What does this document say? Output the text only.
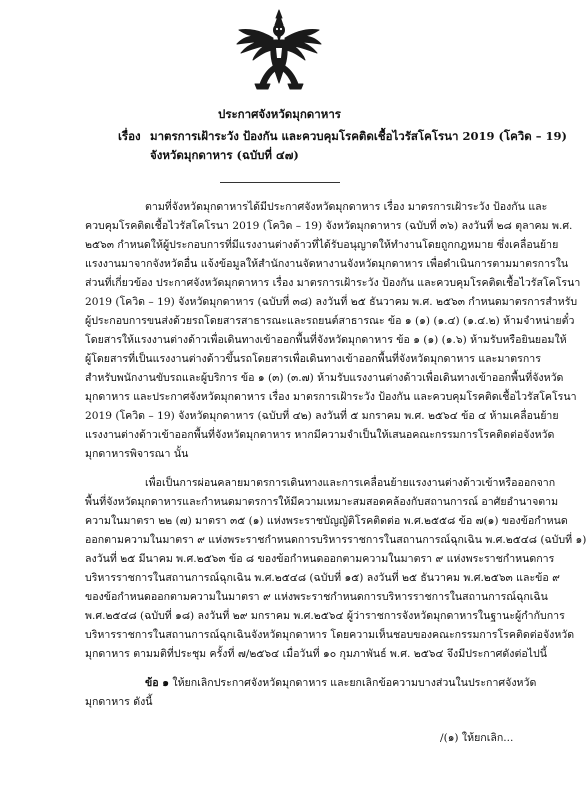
ประกาศจังหวัดมุกดาหาร
เรื่อง มาตรการเฝ้าระวัง ป้องกัน และควบคุมโรคติดเชื้อไวรัสโคโรนา 2019 (โควิด – 19)
จังหวัดมุกดาหาร (ฉบับที่ ๔๗)
ตามที่จังหวัดมุกดาหารได้มีประกาศจังหวัดมุกดาหาร เรื่อง มาตรการเฝ้าระวัง ป้องกัน และ
ควบคุมโรคติดเชื้อไวรัสโคโรนา 2019 (โควิด – 19) จังหวัดมุกดาหาร (ฉบับที่ ๓๖) ลงวันที่ ๒๘ ตุลาคม พ.ศ.
๒๕๖๓ กำหนดให้ผู้ประกอบการที่มีแรงงานต่างด้าวที่ได้รับอนุญาตให้ทำงานโดยถูกกฎหมาย ซึ่งเคลื่อนย้าย
แรงงานมาจากจังหวัดอื่น แจ้งข้อมูลให้สำนักงานจัดหางานจังหวัดมุกดาหาร เพื่อดำเนินการตามมาตรการใน
ส่วนที่เกี่ยวข้อง ประกาศจังหวัดมุกดาหาร เรื่อง มาตรการเฝ้าระวัง ป้องกัน และควบคุมโรคติดเชื้อไวรัสโคโรนา
2019 (โควิด – 19) จังหวัดมุกดาหาร (ฉบับที่ ๓๘) ลงวันที่ ๒๕ ธันวาคม พ.ศ. ๒๕๖๓ กำหนดมาตรการสำหรับ
ผู้ประกอบการขนส่งด้วยรถโดยสารสาธารณะและรถยนต์สาธารณะ ข้อ ๑ (๑) (๑.๔) (๑.๔.๒) ห้ามจำหน่ายตั๋ว
โดยสารให้แรงงานต่างด้าวเพื่อเดินทางเข้าออกพื้นที่จังหวัดมุกดาหาร ข้อ ๑ (๑) (๑.๖) ห้ามรับหรือยินยอมให้
ผู้โดยสารที่เป็นแรงงานต่างด้าวขึ้นรถโดยสารเพื่อเดินทางเข้าออกพื้นที่จังหวัดมุกดาหาร และมาตรการ
สำหรับพนักงานขับรถและผู้บริการ ข้อ ๑ (๓) (๓.๗) ห้ามรับแรงงานต่างด้าวเพื่อเดินทางเข้าออกพื้นที่จังหวัด
มุกดาหาร และประกาศจังหวัดมุกดาหาร เรื่อง มาตรการเฝ้าระวัง ป้องกัน และควบคุมโรคติดเชื้อไวรัสโคโรนา
2019 (โควิด – 19) จังหวัดมุกดาหาร (ฉบับที่ ๔๒) ลงวันที่ ๕ มกราคม พ.ศ. ๒๕๖๔ ข้อ ๔ ห้ามเคลื่อนย้าย
แรงงานต่างด้าวเข้าออกพื้นที่จังหวัดมุกดาหาร หากมีความจำเป็นให้เสนอคณะกรรมการโรคติดต่อจังหวัด
มุกดาหารพิจารณา นั้น
เพื่อเป็นการผ่อนคลายมาตรการเดินทางและการเคลื่อนย้ายแรงงานต่างด้าวเข้าหรือออกจาก
พื้นที่จังหวัดมุกดาหารและกำหนดมาตรการให้มีความเหมาะสมสอดคล้องกับสถานการณ์ อาศัยอำนาจตาม
ความในมาตรา ๒๒ (๗) มาตรา ๓๕ (๑) แห่งพระราชบัญญัติโรคติดต่อ พ.ศ.๒๕๕๘ ข้อ ๗(๑) ของข้อกำหนด
ออกตามความในมาตรา ๙ แห่งพระราชกำหนดการบริหารราชการในสถานการณ์ฉุกเฉิน พ.ศ.๒๕๔๘ (ฉบับที่ ๑)
ลงวันที่ ๒๕ มีนาคม พ.ศ.๒๕๖๓ ข้อ ๘ ของข้อกำหนดออกตามความในมาตรา ๙ แห่งพระราชกำหนดการ
บริหารราชการในสถานการณ์ฉุกเฉิน พ.ศ.๒๕๔๘ (ฉบับที่ ๑๕) ลงวันที่ ๒๕ ธันวาคม พ.ศ.๒๕๖๓ และข้อ ๙
ของข้อกำหนดออกตามความในมาตรา ๙ แห่งพระราชกำหนดการบริหารราชการในสถานการณ์ฉุกเฉิน
พ.ศ.๒๕๔๘ (ฉบับที่ ๑๘) ลงวันที่ ๒๙ มกราคม พ.ศ.๒๕๖๔ ผู้ว่าราชการจังหวัดมุกดาหารในฐานะผู้กำกับการ
บริหารราชการในสถานการณ์ฉุกเฉินจังหวัดมุกดาหาร โดยความเห็นชอบของคณะกรรมการโรคติดต่อจังหวัด
มุกดาหาร ตามมติที่ประชุม ครั้งที่ ๗/๒๕๖๔ เมื่อวันที่ ๑๐ กุมภาพันธ์ พ.ศ. ๒๕๖๔ จึงมีประกาศดังต่อไปนี้
ข้อ ๑ ให้ยกเลิกประกาศจังหวัดมุกดาหาร และยกเลิกข้อความบางส่วนในประกาศจังหวัด
มุกดาหาร ดังนี้
/(๑) ให้ยกเลิก...
